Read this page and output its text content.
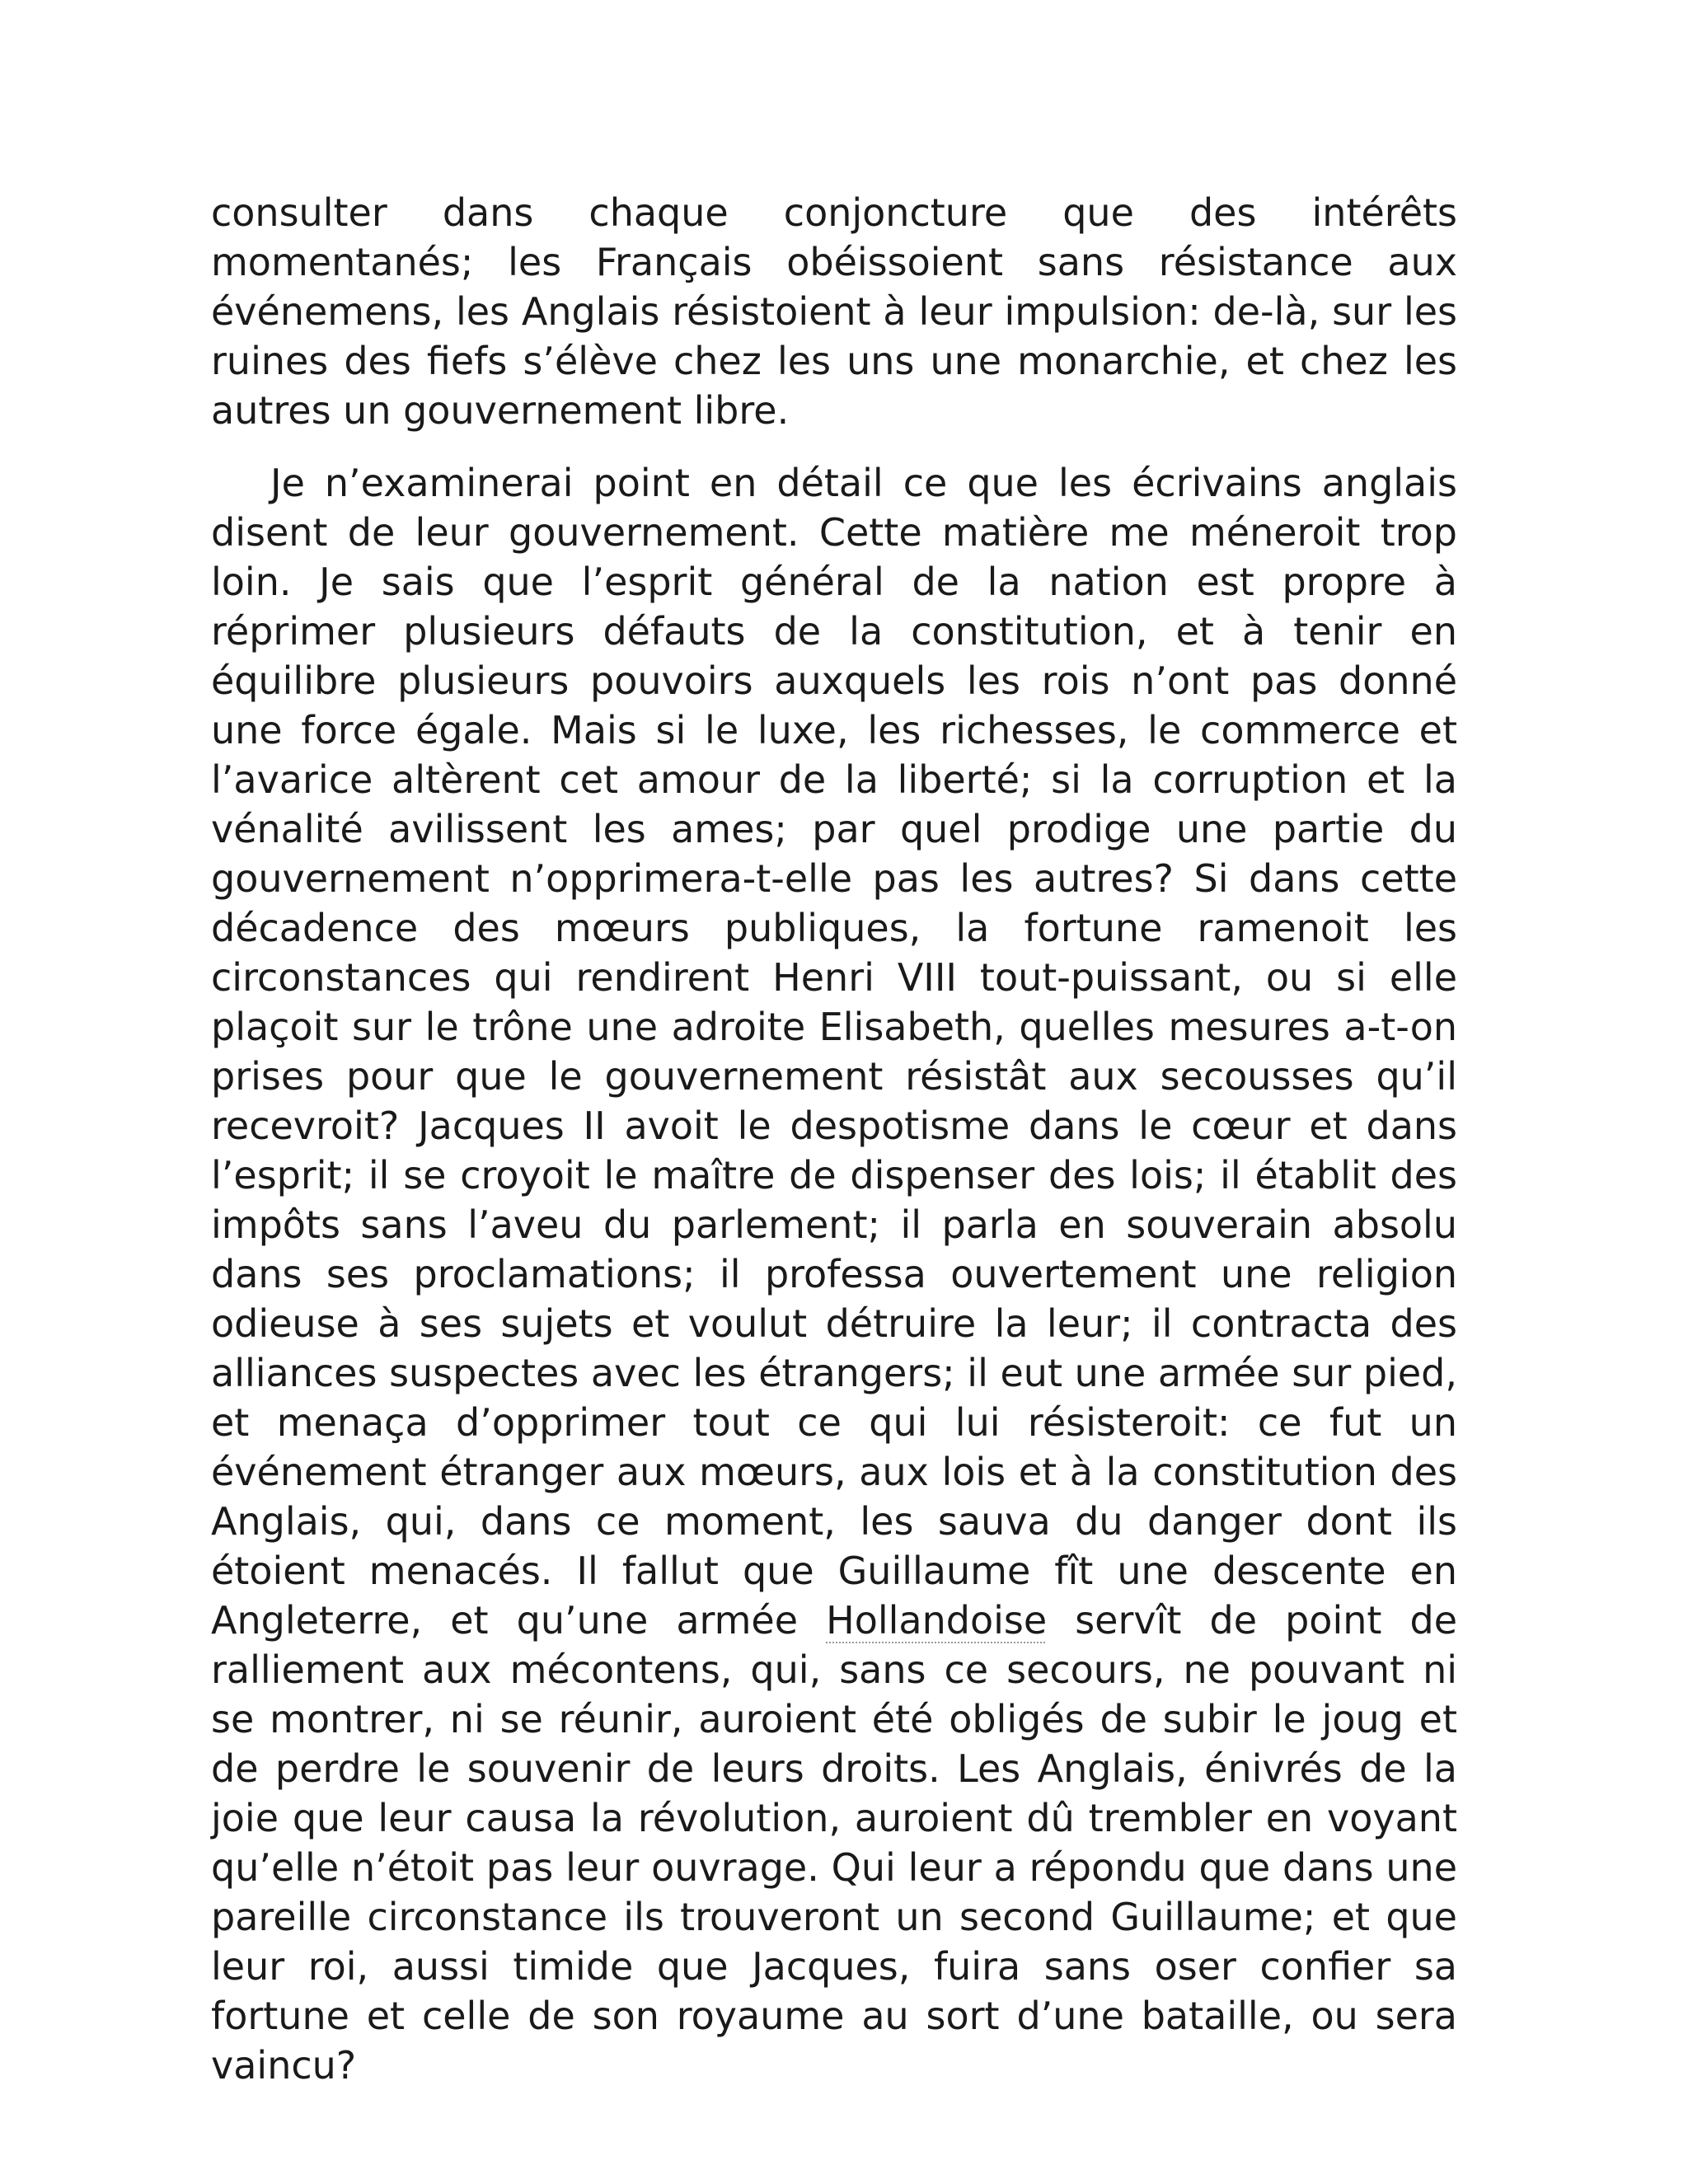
consulter dans chaque conjoncture que des intérêts momentanés; les Français obéissoient sans résistance aux événemens, les Anglais résistoient à leur impulsion: de-là, sur les ruines des fiefs s’élève chez les uns une monarchie, et chez les autres un gouvernement libre.

Je n’examinerai point en détail ce que les écrivains anglais disent de leur gouvernement. Cette matière me méneroit trop loin. Je sais que l’esprit général de la nation est propre à réprimer plusieurs défauts de la constitution, et à tenir en équilibre plusieurs pouvoirs auxquels les rois n’ont pas donné une force égale. Mais si le luxe, les richesses, le commerce et l’avarice altèrent cet amour de la liberté; si la corruption et la vénalité avilissent les ames; par quel prodige une partie du gouvernement n’opprimera-t-elle pas les autres? Si dans cette décadence des mœurs publiques, la fortune ramenoit les circonstances qui rendirent Henri VIII tout-puissant, ou si elle plaçoit sur le trône une adroite Elisabeth, quelles mesures a-t-on prises pour que le gouvernement résistât aux secousses qu’il recevroit? Jacques II avoit le despotisme dans le cœur et dans l’esprit; il se croyoit le maître de dispenser des lois; il établit des impôts sans l’aveu du parlement; il parla en souverain absolu dans ses proclamations; il professa ouvertement une religion odieuse à ses sujets et voulut détruire la leur; il contracta des alliances suspectes avec les étrangers; il eut une armée sur pied, et menaça d’opprimer tout ce qui lui résisteroit: ce fut un événement étranger aux mœurs, aux lois et à la constitution des Anglais, qui, dans ce moment, les sauva du danger dont ils étoient menacés. Il fallut que Guillaume fît une descente en Angleterre, et qu’une armée Hollandoise servît de point de ralliement aux mécontens, qui, sans ce secours, ne pouvant ni se montrer, ni se réunir, auroient été obligés de subir le joug et de perdre le souvenir de leurs droits. Les Anglais, énivrés de la joie que leur causa la révolution, auroient dû trembler en voyant qu’elle n’étoit pas leur ouvrage. Qui leur a répondu que dans une pareille circonstance ils trouveront un second Guillaume; et que leur roi, aussi timide que Jacques, fuira sans oser confier sa fortune et celle de son royaume au sort d’une bataille, ou sera vaincu?
